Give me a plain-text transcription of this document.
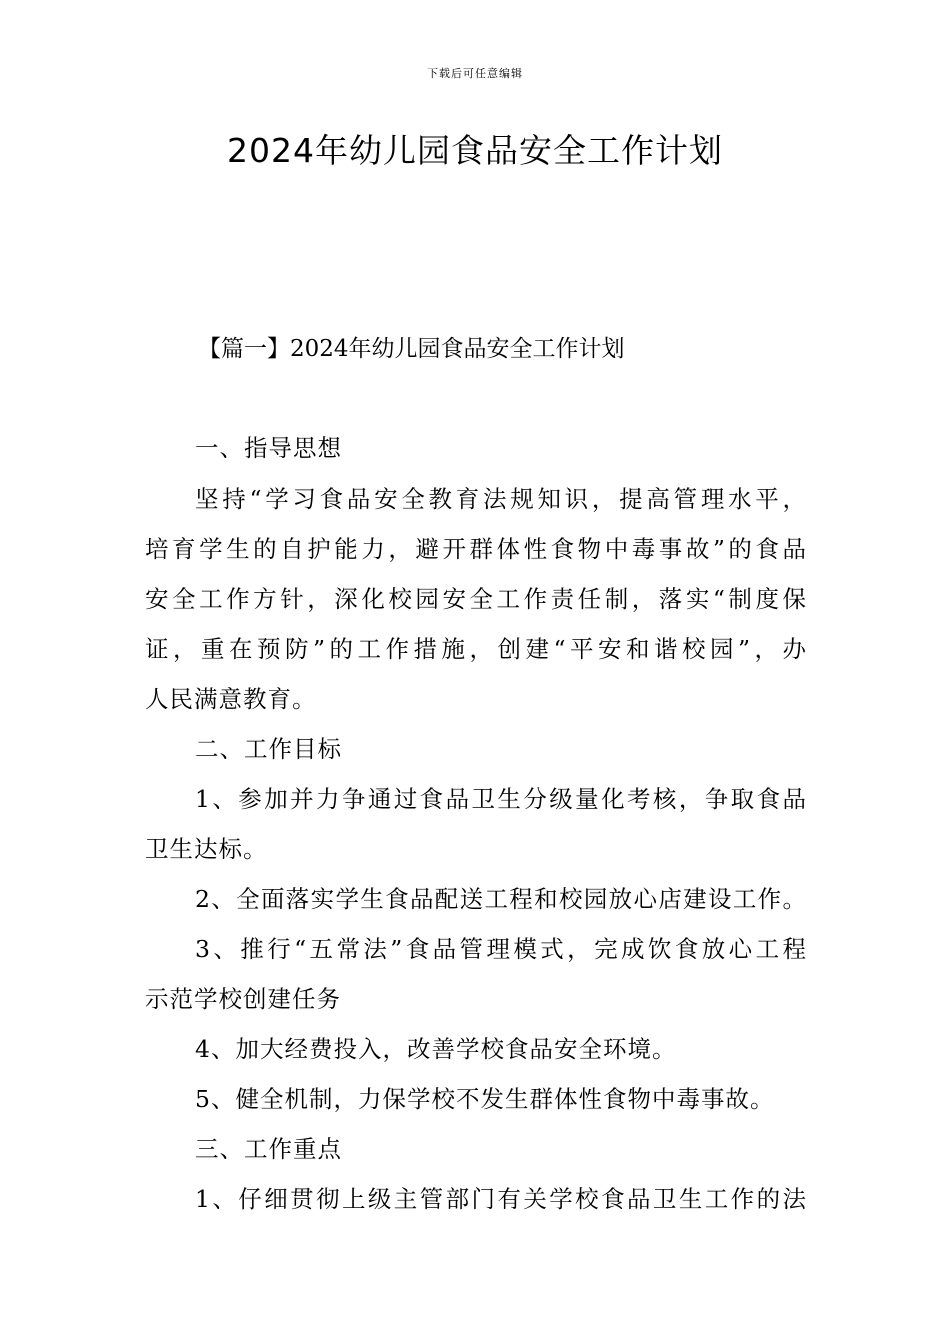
下载后可任意编辑
2024年幼儿园食品安全工作计划
【篇一】2024年幼儿园食品安全工作计划
一、指导思想
坚持“学习食品安全教育法规知识，提高管理水平，
培育学生的自护能力，避开群体性食物中毒事故”的食品
安全工作方针，深化校园安全工作责任制，落实“制度保
证，重在预防”的工作措施，创建“平安和谐校园”，办
人民满意教育。
二、工作目标
1、参加并力争通过食品卫生分级量化考核，争取食品
卫生达标。
2、全面落实学生食品配送工程和校园放心店建设工作。
3、推行“五常法”食品管理模式，完成饮食放心工程
示范学校创建任务
4、加大经费投入，改善学校食品安全环境。
5、健全机制，力保学校不发生群体性食物中毒事故。
三、工作重点
1、仔细贯彻上级主管部门有关学校食品卫生工作的法
